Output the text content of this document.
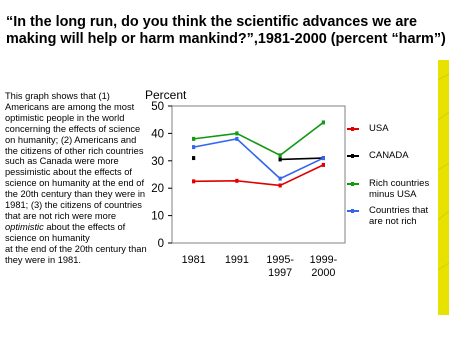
“In the long run, do you think the scientific advances we are making will help or harm mankind?”,1981-2000 (percent “harm”)
This graph shows that (1) Americans are among the most optimistic people in the world concerning the effects of science on humanity; (2) Americans and the citizens of other rich countries such as Canada were more pessimistic about the effects of science on humanity at the end of the 20th century than they were in 1981; (3) the citizens of countries that are not rich were more optimistic about the effects of science on humanity
at the end of the 20th century than they were in 1981.
Percent
0
10
20
30
40
50
1981 1991 1995-
1997
1999-
2000
USA
CANADA
Rich countries minus USA
Countries that are not rich
